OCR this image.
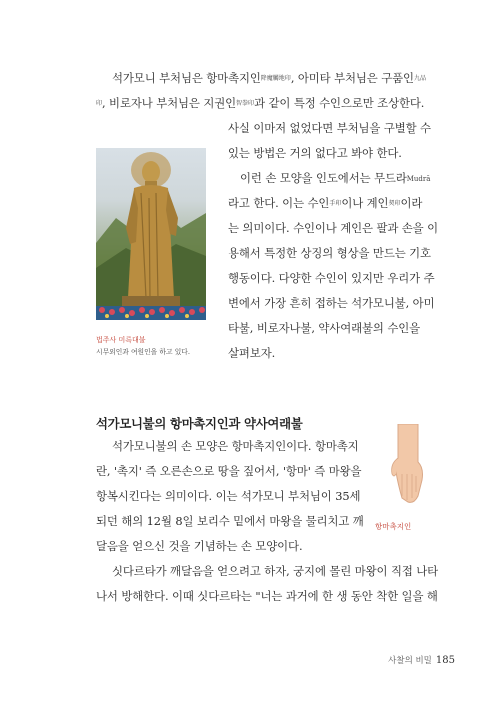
석가모니 부처님은 항마촉지인$^{降魔觸地印}$, 아미타 부처님은 구품인$^{九品}$
$^印$, 비로자나 부처님은 지권인$^{智拳印}$과 같이 특정 수인으로만 조상한다.
사실 이마저 없었다면 부처님을 구별할 수
있는 방법은 거의 없다고 봐야 한다.
이런 손 모양을 인도에서는 무드라$^{Mudrā}$
라고 한다. 이는 수인$^{手印}$이나 계인$^{契印}$이라
는 의미이다. 수인이나 계인은 팔과 손을 이
용해서 특정한 상징의 형상을 만드는 기호
행동이다. 다양한 수인이 있지만 우리가 주
변에서 가장 흔히 접하는 석가모니불, 아미
타불, 비로자나불, 약사여래불의 수인을
살펴보자.
법주사 미륵대불
시무외인과 여원인을 하고 있다.
석가모니불의 항마촉지인과 약사여래불
석가모니불의 손 모양은 항마촉지인이다. 항마촉지
란, '촉지' 즉 오른손으로 땅을 짚어서, '항마' 즉 마왕을
항복시킨다는 의미이다. 이는 석가모니 부처님이 35세
되던 해의 12월 8일 보리수 밑에서 마왕을 물리치고 깨
달음을 얻으신 것을 기념하는 손 모양이다.
싯다르타가 깨달음을 얻으려고 하자, 궁지에 몰린 마왕이 직접 나타
나서 방해한다. 이때 싯다르타는 "너는 과거에 한 생 동안 착한 일을 해
항마촉지인
사찰의 비밀 185
